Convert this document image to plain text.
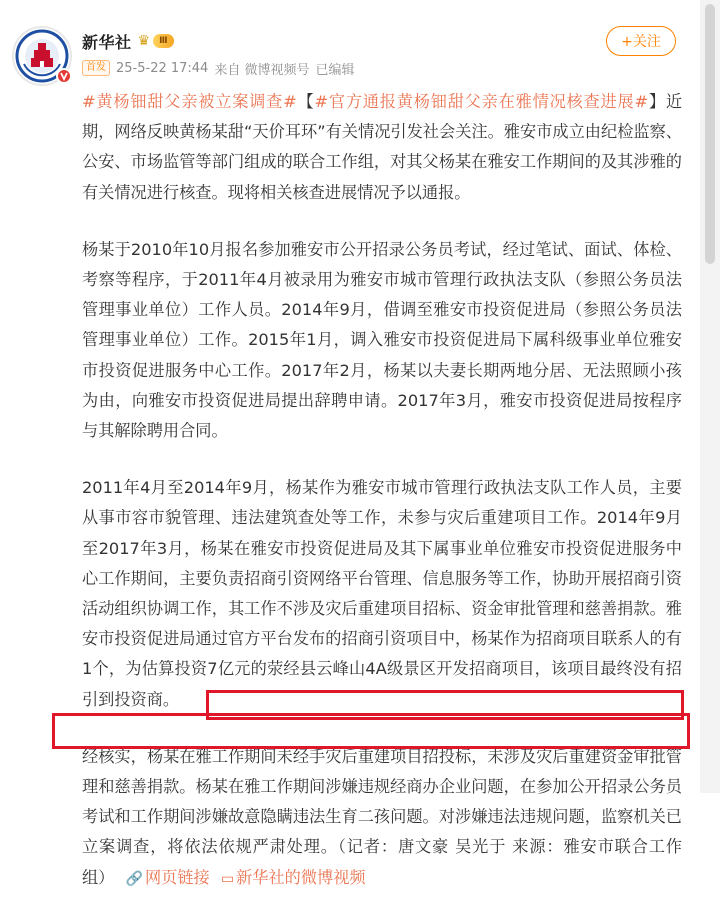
新华社 ♛	Ⅲ
首发 25-5-22 17:44 来自 微博视频号 已编辑
+关注

#黄杨钿甜父亲被立案调查#【#官方通报黄杨钿甜父亲在雅情况核查进展#】近期，网络反映黄杨某甜“天价耳环”有关情况引发社会关注。雅安市成立由纪检监察、公安、市场监管等部门组成的联合工作组，对其父杨某在雅安工作期间的及其涉雅的有关情况进行核查。现将相关核查进展情况予以通报。

杨某于2010年10月报名参加雅安市公开招录公务员考试，经过笔试、面试、体检、考察等程序，于2011年4月被录用为雅安市城市管理行政执法支队（参照公务员法管理事业单位）工作人员。2014年9月，借调至雅安市投资促进局（参照公务员法管理事业单位）工作。2015年1月，调入雅安市投资促进局下属科级事业单位雅安市投资促进服务中心工作。2017年2月，杨某以夫妻长期两地分居、无法照顾小孩为由，向雅安市投资促进局提出辞聘申请。2017年3月，雅安市投资促进局按程序与其解除聘用合同。

2011年4月至2014年9月，杨某作为雅安市城市管理行政执法支队工作人员，主要从事市容市貌管理、违法建筑查处等工作，未参与灾后重建项目工作。2014年9月至2017年3月，杨某在雅安市投资促进局及其下属事业单位雅安市投资促进服务中心工作期间，主要负责招商引资网络平台管理、信息服务等工作，协助开展招商引资活动组织协调工作，其工作不涉及灾后重建项目招标、资金审批管理和慈善捐款。雅安市投资促进局通过官方平台发布的招商引资项目中，杨某作为招商项目联系人的有1个，为估算投资7亿元的荥经县云峰山4A级景区开发招商项目，该项目最终没有招引到投资商。

经核实，杨某在雅工作期间未经手灾后重建项目招投标，未涉及灾后重建资金审批管理和慈善捐款。杨某在雅工作期间涉嫌违规经商办企业问题，在参加公开招录公务员考试和工作期间涉嫌故意隐瞒违法生育二孩问题。对涉嫌违法违规问题，监察机关已立案调查，将依法依规严肃处理。（记者：唐文豪 吴光于 来源：雅安市联合工作组） 🔗 网页链接 ▭ 新华社的微博视频
